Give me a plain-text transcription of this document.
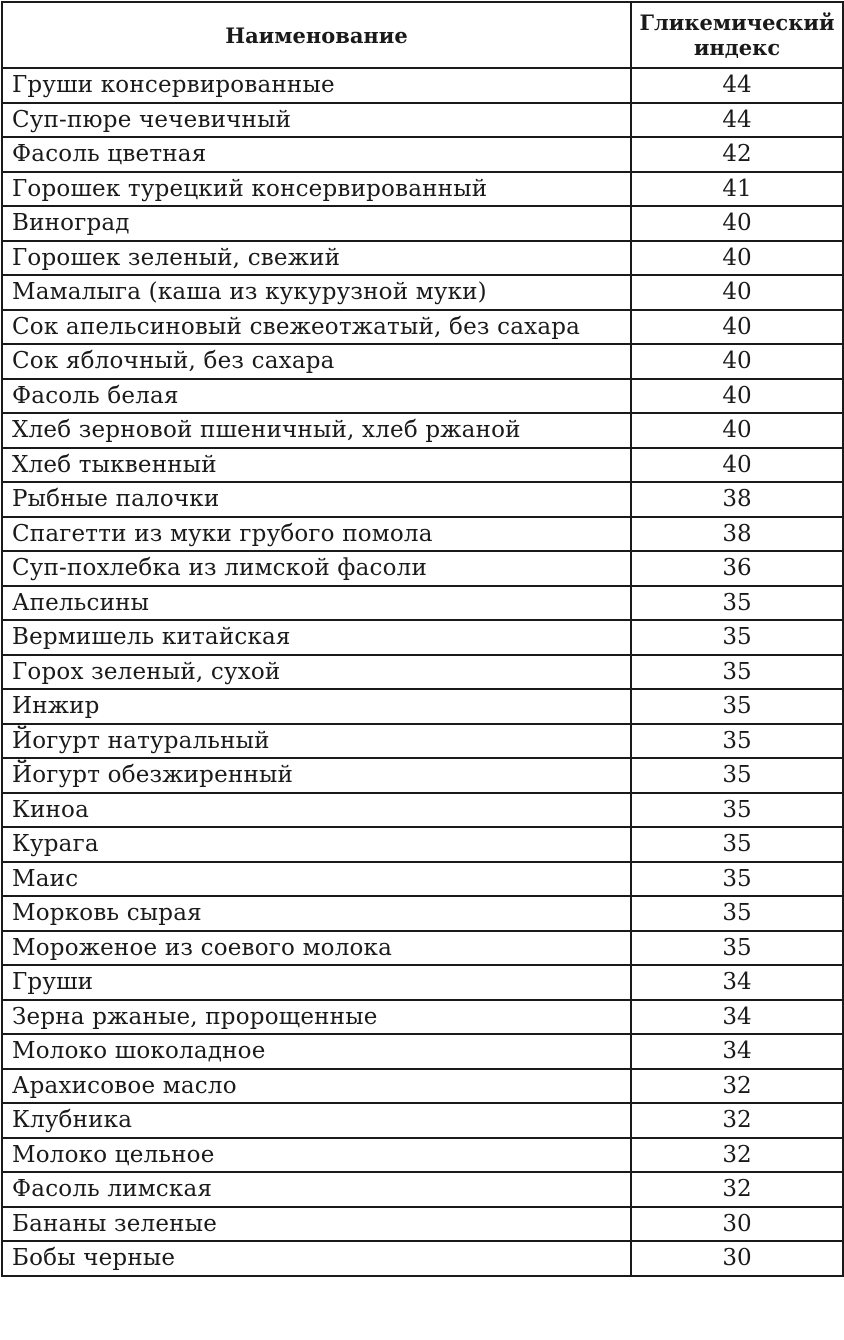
Наименование	Гликемический индекс
Груши консервированные	44
Суп-пюре чечевичный	44
Фасоль цветная	42
Горошек турецкий консервированный	41
Виноград	40
Горошек зеленый, свежий	40
Мамалыга (каша из кукурузной муки)	40
Сок апельсиновый свежеотжатый, без сахара	40
Сок яблочный, без сахара	40
Фасоль белая	40
Хлеб зерновой пшеничный, хлеб ржаной	40
Хлеб тыквенный	40
Рыбные палочки	38
Спагетти из муки грубого помола	38
Суп-похлебка из лимской фасоли	36
Апельсины	35
Вермишель китайская	35
Горох зеленый, сухой	35
Инжир	35
Йогурт натуральный	35
Йогурт обезжиренный	35
Киноа	35
Курага	35
Маис	35
Морковь сырая	35
Мороженое из соевого молока	35
Груши	34
Зерна ржаные, пророщенные	34
Молоко шоколадное	34
Арахисовое масло	32
Клубника	32
Молоко цельное	32
Фасоль лимская	32
Бананы зеленые	30
Бобы черные	30
